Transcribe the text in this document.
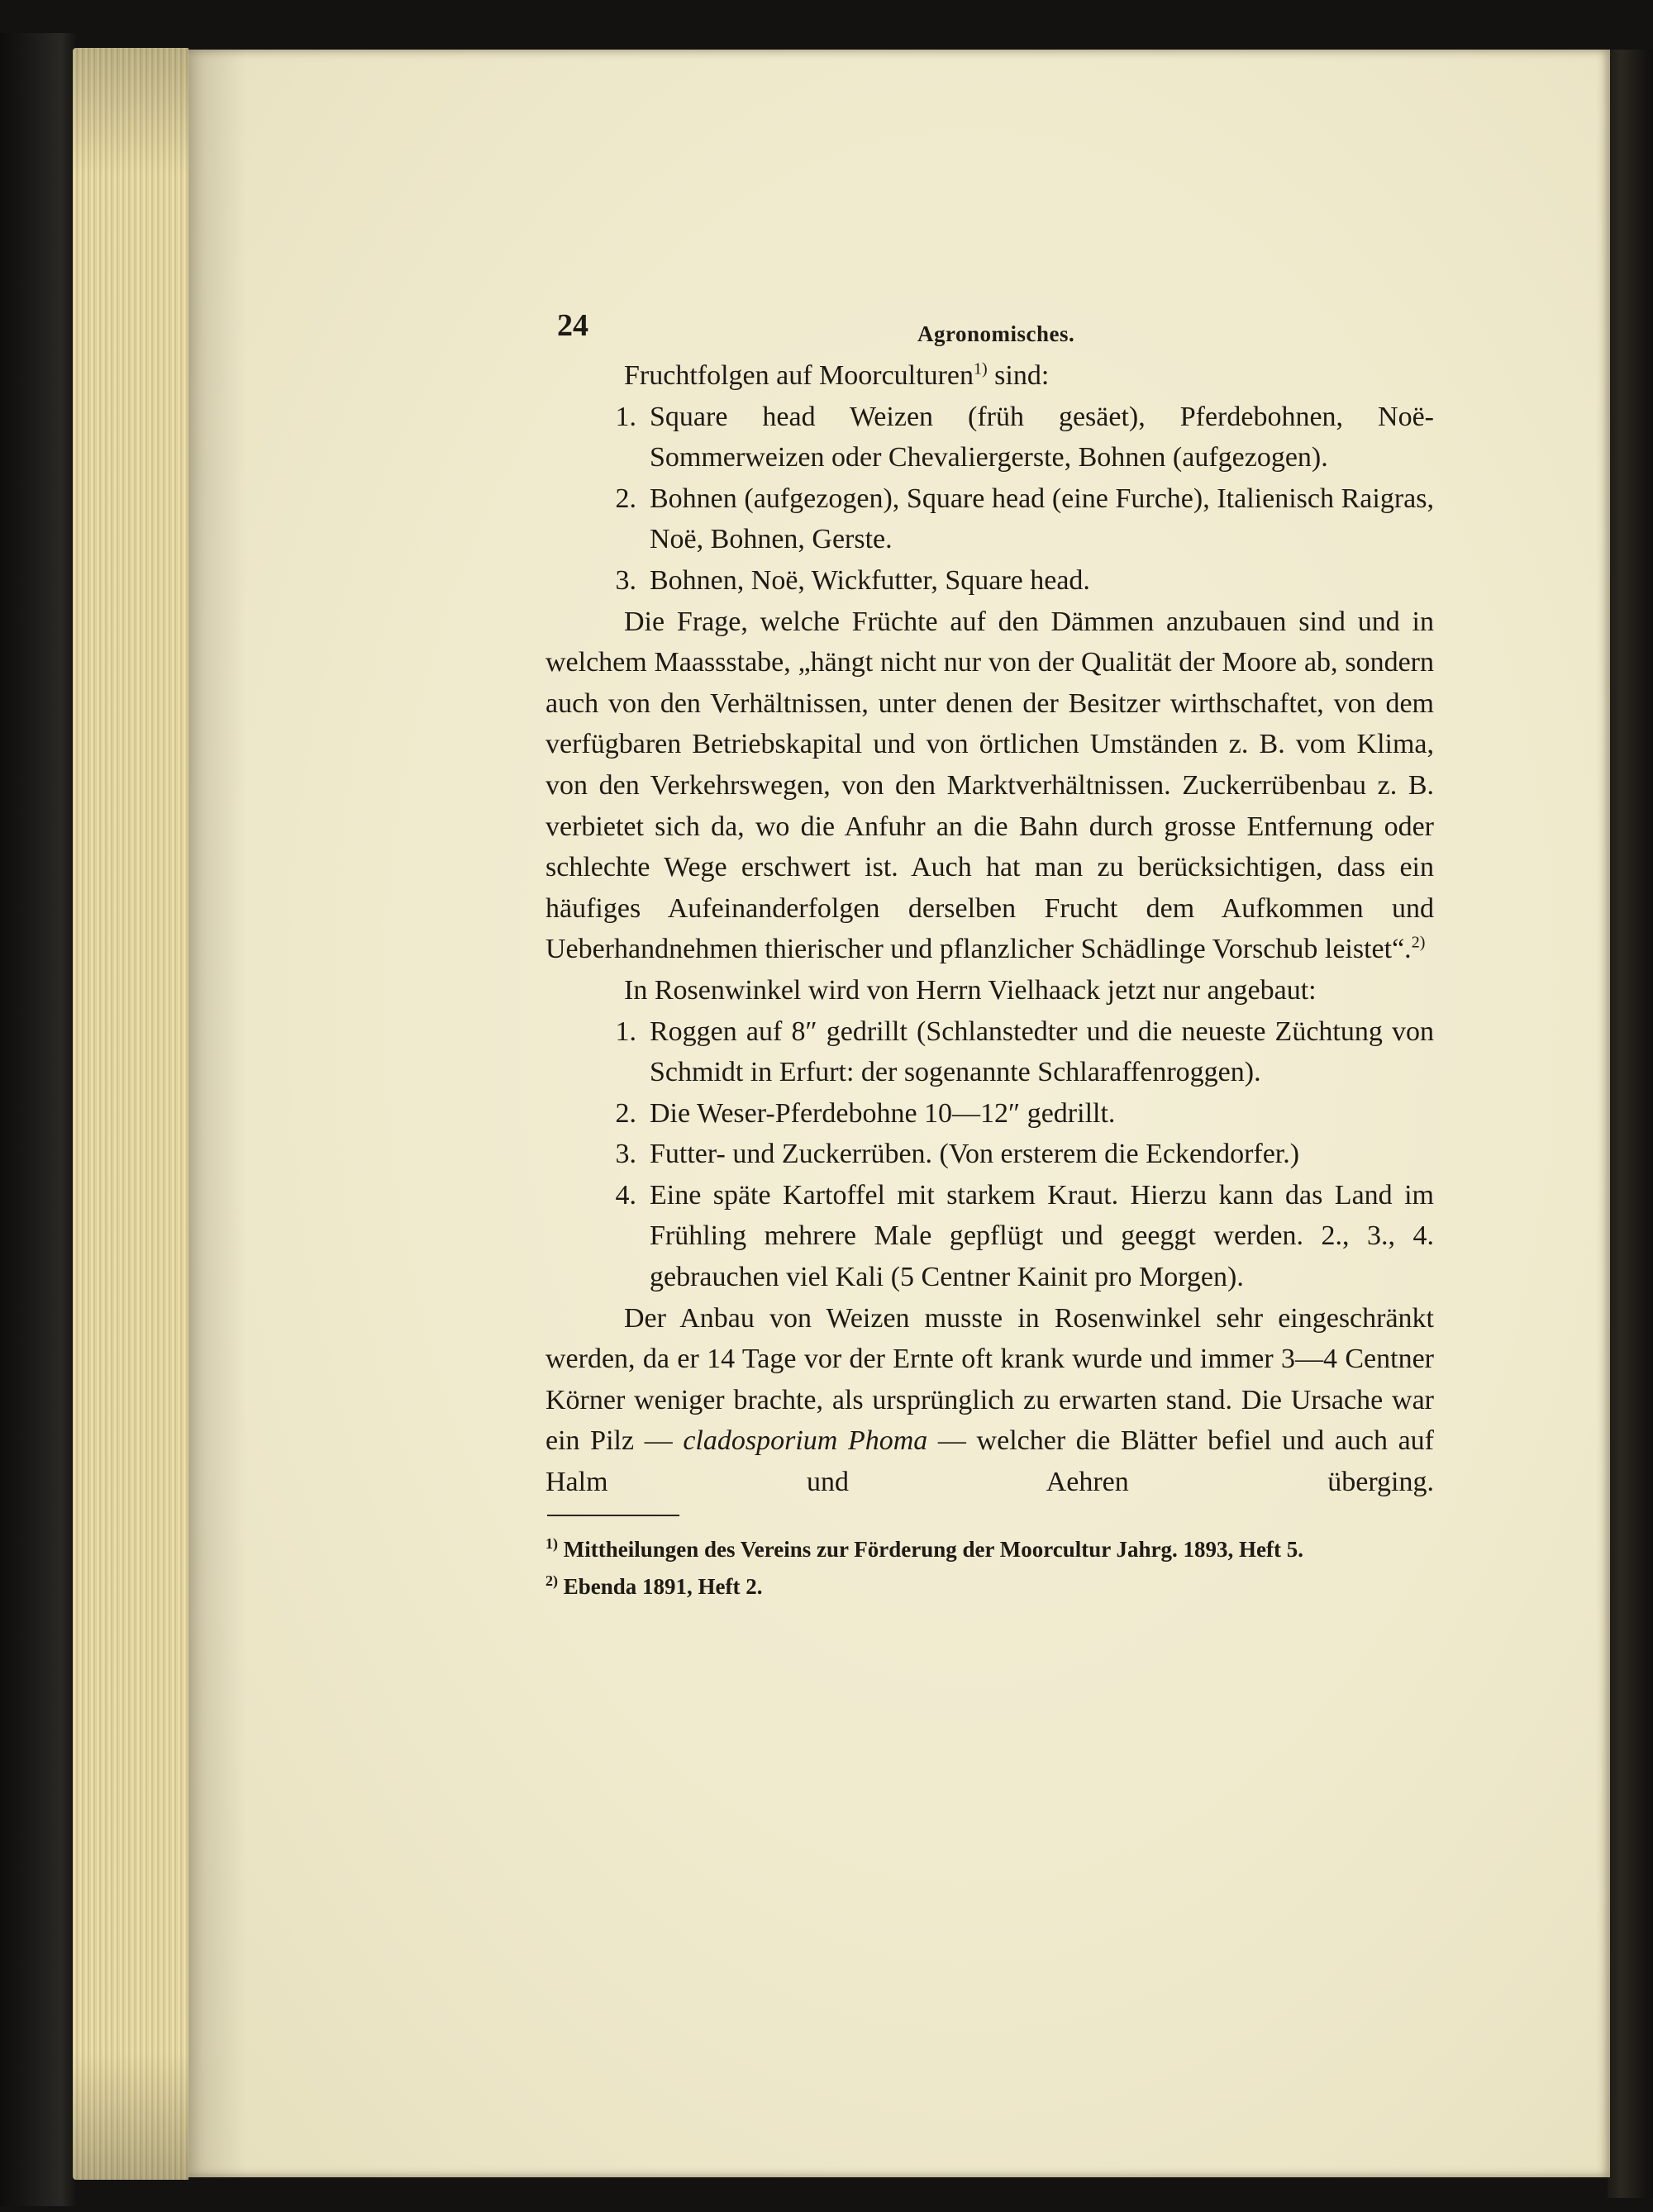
24	Agronomisches.

Fruchtfolgen auf Moorculturen$^{1)}$ sind:

1. Square head Weizen (früh gesäet), Pferdebohnen, Noë-Sommerweizen oder Chevaliergerste, Bohnen (aufgezogen).
2. Bohnen (aufgezogen), Square head (eine Furche), Italienisch Raigras, Noë, Bohnen, Gerste.
3. Bohnen, Noë, Wickfutter, Square head.

Die Frage, welche Früchte auf den Dämmen anzubauen sind und in welchem Maassstabe, „hängt nicht nur von der Qualität der Moore ab, sondern auch von den Verhältnissen, unter denen der Besitzer wirthschaftet, von dem verfügbaren Betriebskapital und von örtlichen Umständen z. B. vom Klima, von den Verkehrswegen, von den Marktverhältnissen. Zuckerrübenbau z. B. verbietet sich da, wo die Anfuhr an die Bahn durch grosse Entfernung oder schlechte Wege erschwert ist. Auch hat man zu berücksichtigen, dass ein häufiges Aufeinanderfolgen derselben Frucht dem Aufkommen und Ueberhandnehmen thierischer und pflanzlicher Schädlinge Vorschub leistet“.$^{2)}$

In Rosenwinkel wird von Herrn Vielhaack jetzt nur angebaut:

1. Roggen auf 8″ gedrillt (Schlanstedter und die neueste Züchtung von Schmidt in Erfurt: der sogenannte Schlaraffenroggen).
2. Die Weser-Pferdebohne 10—12″ gedrillt.
3. Futter- und Zuckerrüben. (Von ersterem die Eckendorfer.)
4. Eine späte Kartoffel mit starkem Kraut. Hierzu kann das Land im Frühling mehrere Male gepflügt und geeggt werden. 2., 3., 4. gebrauchen viel Kali (5 Centner Kainit pro Morgen).

Der Anbau von Weizen musste in Rosenwinkel sehr eingeschränkt werden, da er 14 Tage vor der Ernte oft krank wurde und immer 3—4 Centner Körner weniger brachte, als ursprünglich zu erwarten stand. Die Ursache war ein Pilz — cladosporium Phoma — welcher die Blätter befiel und auch auf Halm und Aehren überging.

$^{1)}$ Mittheilungen des Vereins zur Förderung der Moorcultur Jahrg. 1893, Heft 5.

$^{2)}$ Ebenda 1891, Heft 2.
